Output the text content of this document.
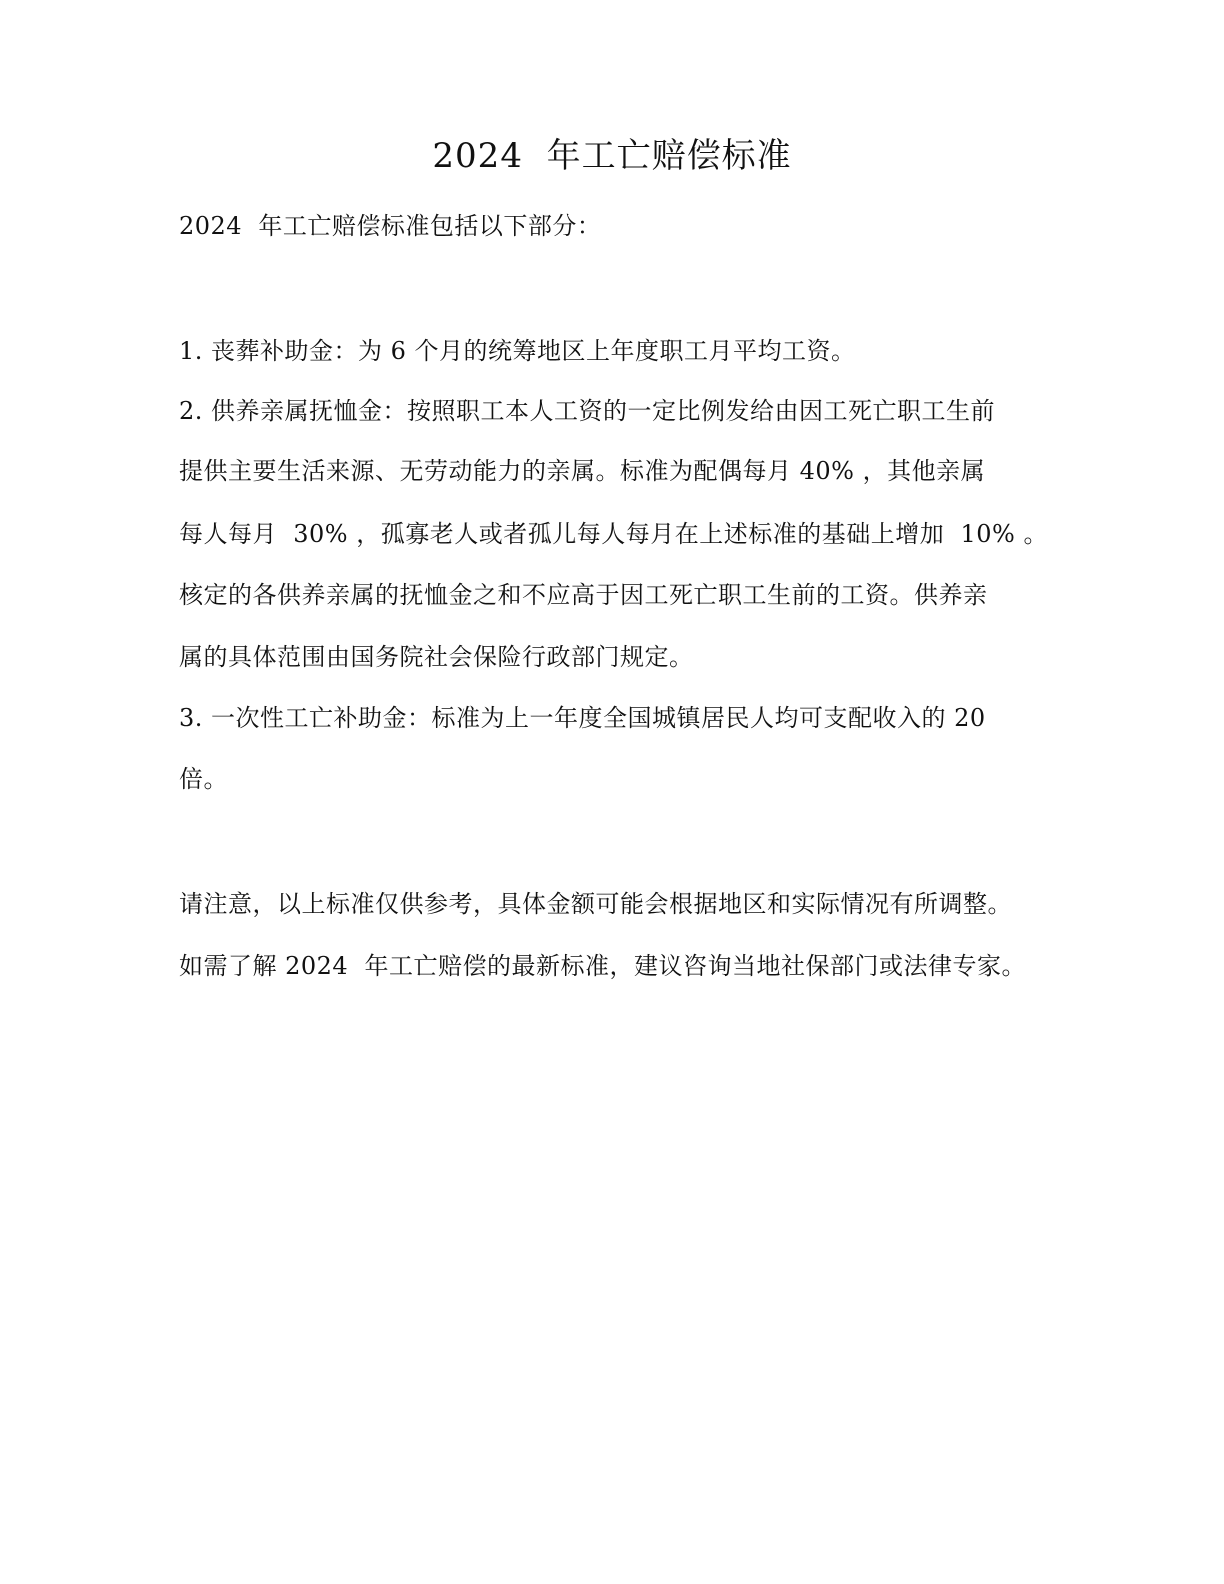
2024  年工亡赔偿标准
2024  年工亡赔偿标准包括以下部分：
1. 丧葬补助金：为 6 个月的统筹地区上年度职工月平均工资。
2. 供养亲属抚恤金：按照职工本人工资的一定比例发给由因工死亡职工生前
提供主要生活来源、无劳动能力的亲属。标准为配偶每月 40% ，其他亲属
每人每月  30% ，孤寡老人或者孤儿每人每月在上述标准的基础上增加  10% 。
核定的各供养亲属的抚恤金之和不应高于因工死亡职工生前的工资。供养亲
属的具体范围由国务院社会保险行政部门规定。
3. 一次性工亡补助金：标准为上一年度全国城镇居民人均可支配收入的 20
倍。
请注意，以上标准仅供参考，具体金额可能会根据地区和实际情况有所调整。
如需了解 2024  年工亡赔偿的最新标准，建议咨询当地社保部门或法律专家。
